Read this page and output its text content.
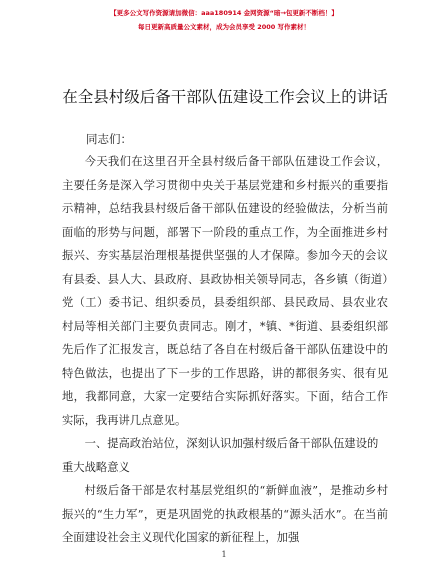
【更多公文写作资源请加微信：aaa180914 金网资源“暗→包更新不断档！】
每日更新高质量公文素材，成为会员享受 2000 写作素材！
在全县村级后备干部队伍建设工作会议上的讲话
同志们：

今天我们在这里召开全县村级后备干部队伍建设工作会议，主要任务是深入学习贯彻中央关于基层党建和乡村振兴的重要指示精神，总结我县村级后备干部队伍建设的经验做法，分析当前面临的形势与问题，部署下一阶段的重点工作，为全面推进乡村振兴、夯实基层治理根基提供坚强的人才保障。参加今天的会议有县委、县人大、县政府、县政协相关领导同志，各乡镇（街道）党（工）委书记、组织委员，县委组织部、县民政局、县农业农村局等相关部门主要负责同志。刚才，*镇、*街道、县委组织部先后作了汇报发言，既总结了各自在村级后备干部队伍建设中的特色做法，也提出了下一步的工作思路，讲的都很务实、很有见地，我都同意，大家一定要结合实际抓好落实。下面，结合工作实际，我再讲几点意见。

一、提高政治站位，深刻认识加强村级后备干部队伍建设的重大战略意义

村级后备干部是农村基层党组织的“新鲜血液”，是推动乡村振兴的“生力军”，更是巩固党的执政根基的“源头活水”。在当前全面建设社会主义现代化国家的新征程上，加强

1
